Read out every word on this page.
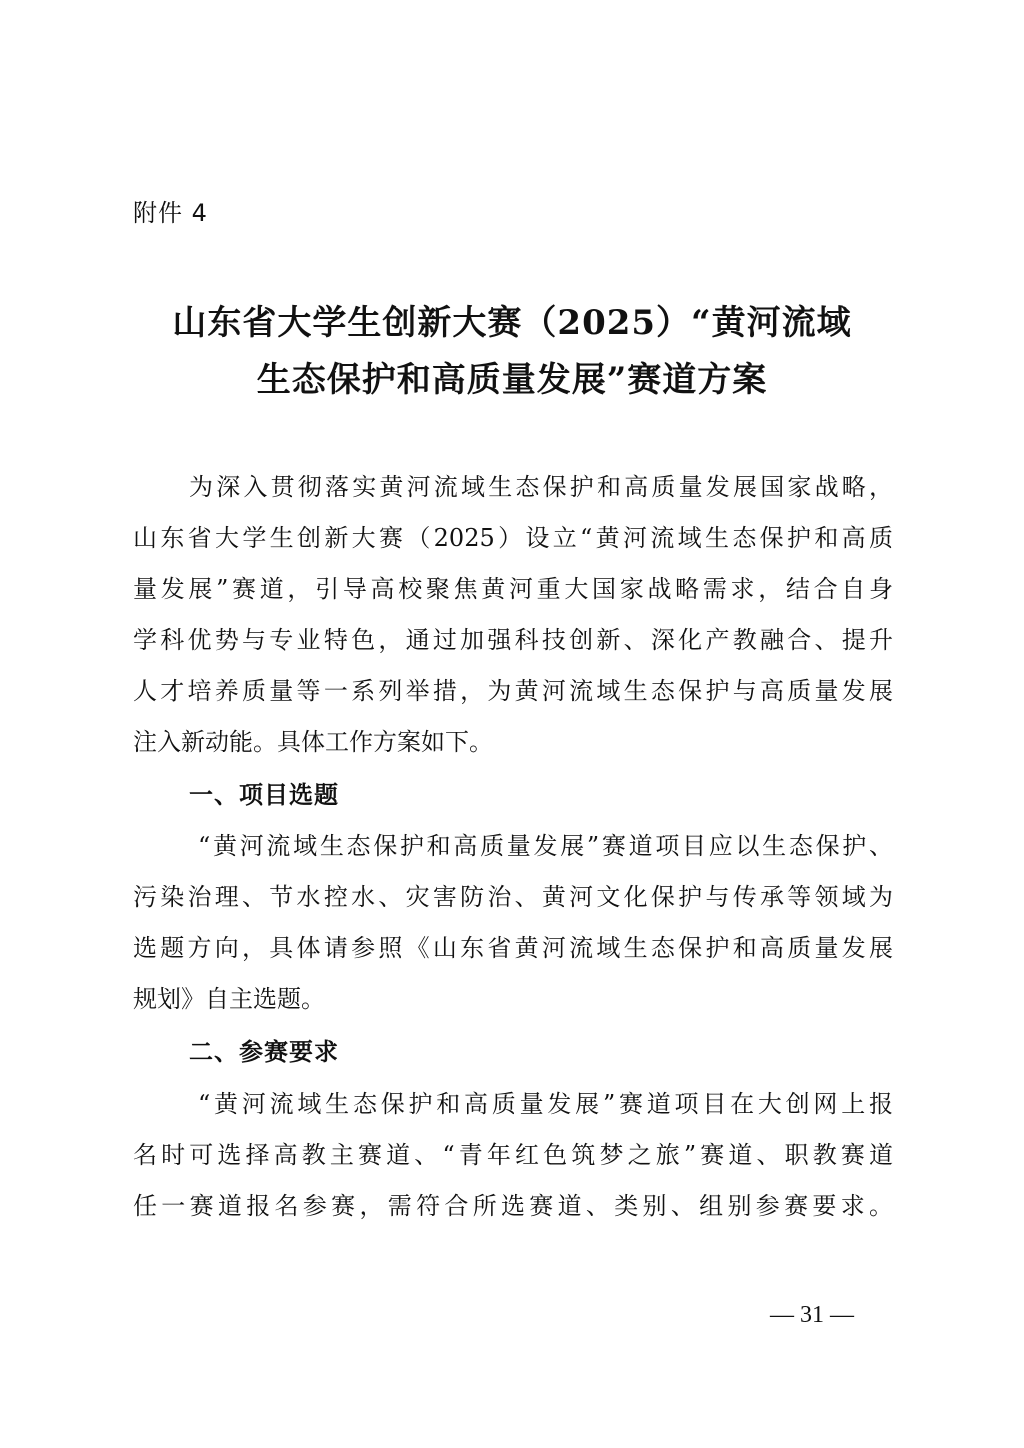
附件 4
山东省大学生创新大赛（2025）“黄河流域
生态保护和高质量发展”赛道方案
为深入贯彻落实黄河流域生态保护和高质量发展国家战略，
山东省大学生创新大赛（2025）设立“黄河流域生态保护和高质
量发展”赛道，引导高校聚焦黄河重大国家战略需求，结合自身
学科优势与专业特色，通过加强科技创新、深化产教融合、提升
人才培养质量等一系列举措，为黄河流域生态保护与高质量发展
注入新动能。具体工作方案如下。
一、项目选题
“黄河流域生态保护和高质量发展”赛道项目应以生态保护、
污染治理、节水控水、灾害防治、黄河文化保护与传承等领域为
选题方向，具体请参照《山东省黄河流域生态保护和高质量发展
规划》自主选题。
二、参赛要求
“黄河流域生态保护和高质量发展”赛道项目在大创网上报
名时可选择高教主赛道、“青年红色筑梦之旅”赛道、职教赛道
任一赛道报名参赛，需符合所选赛道、类别、组别参赛要求。
— 31 —
